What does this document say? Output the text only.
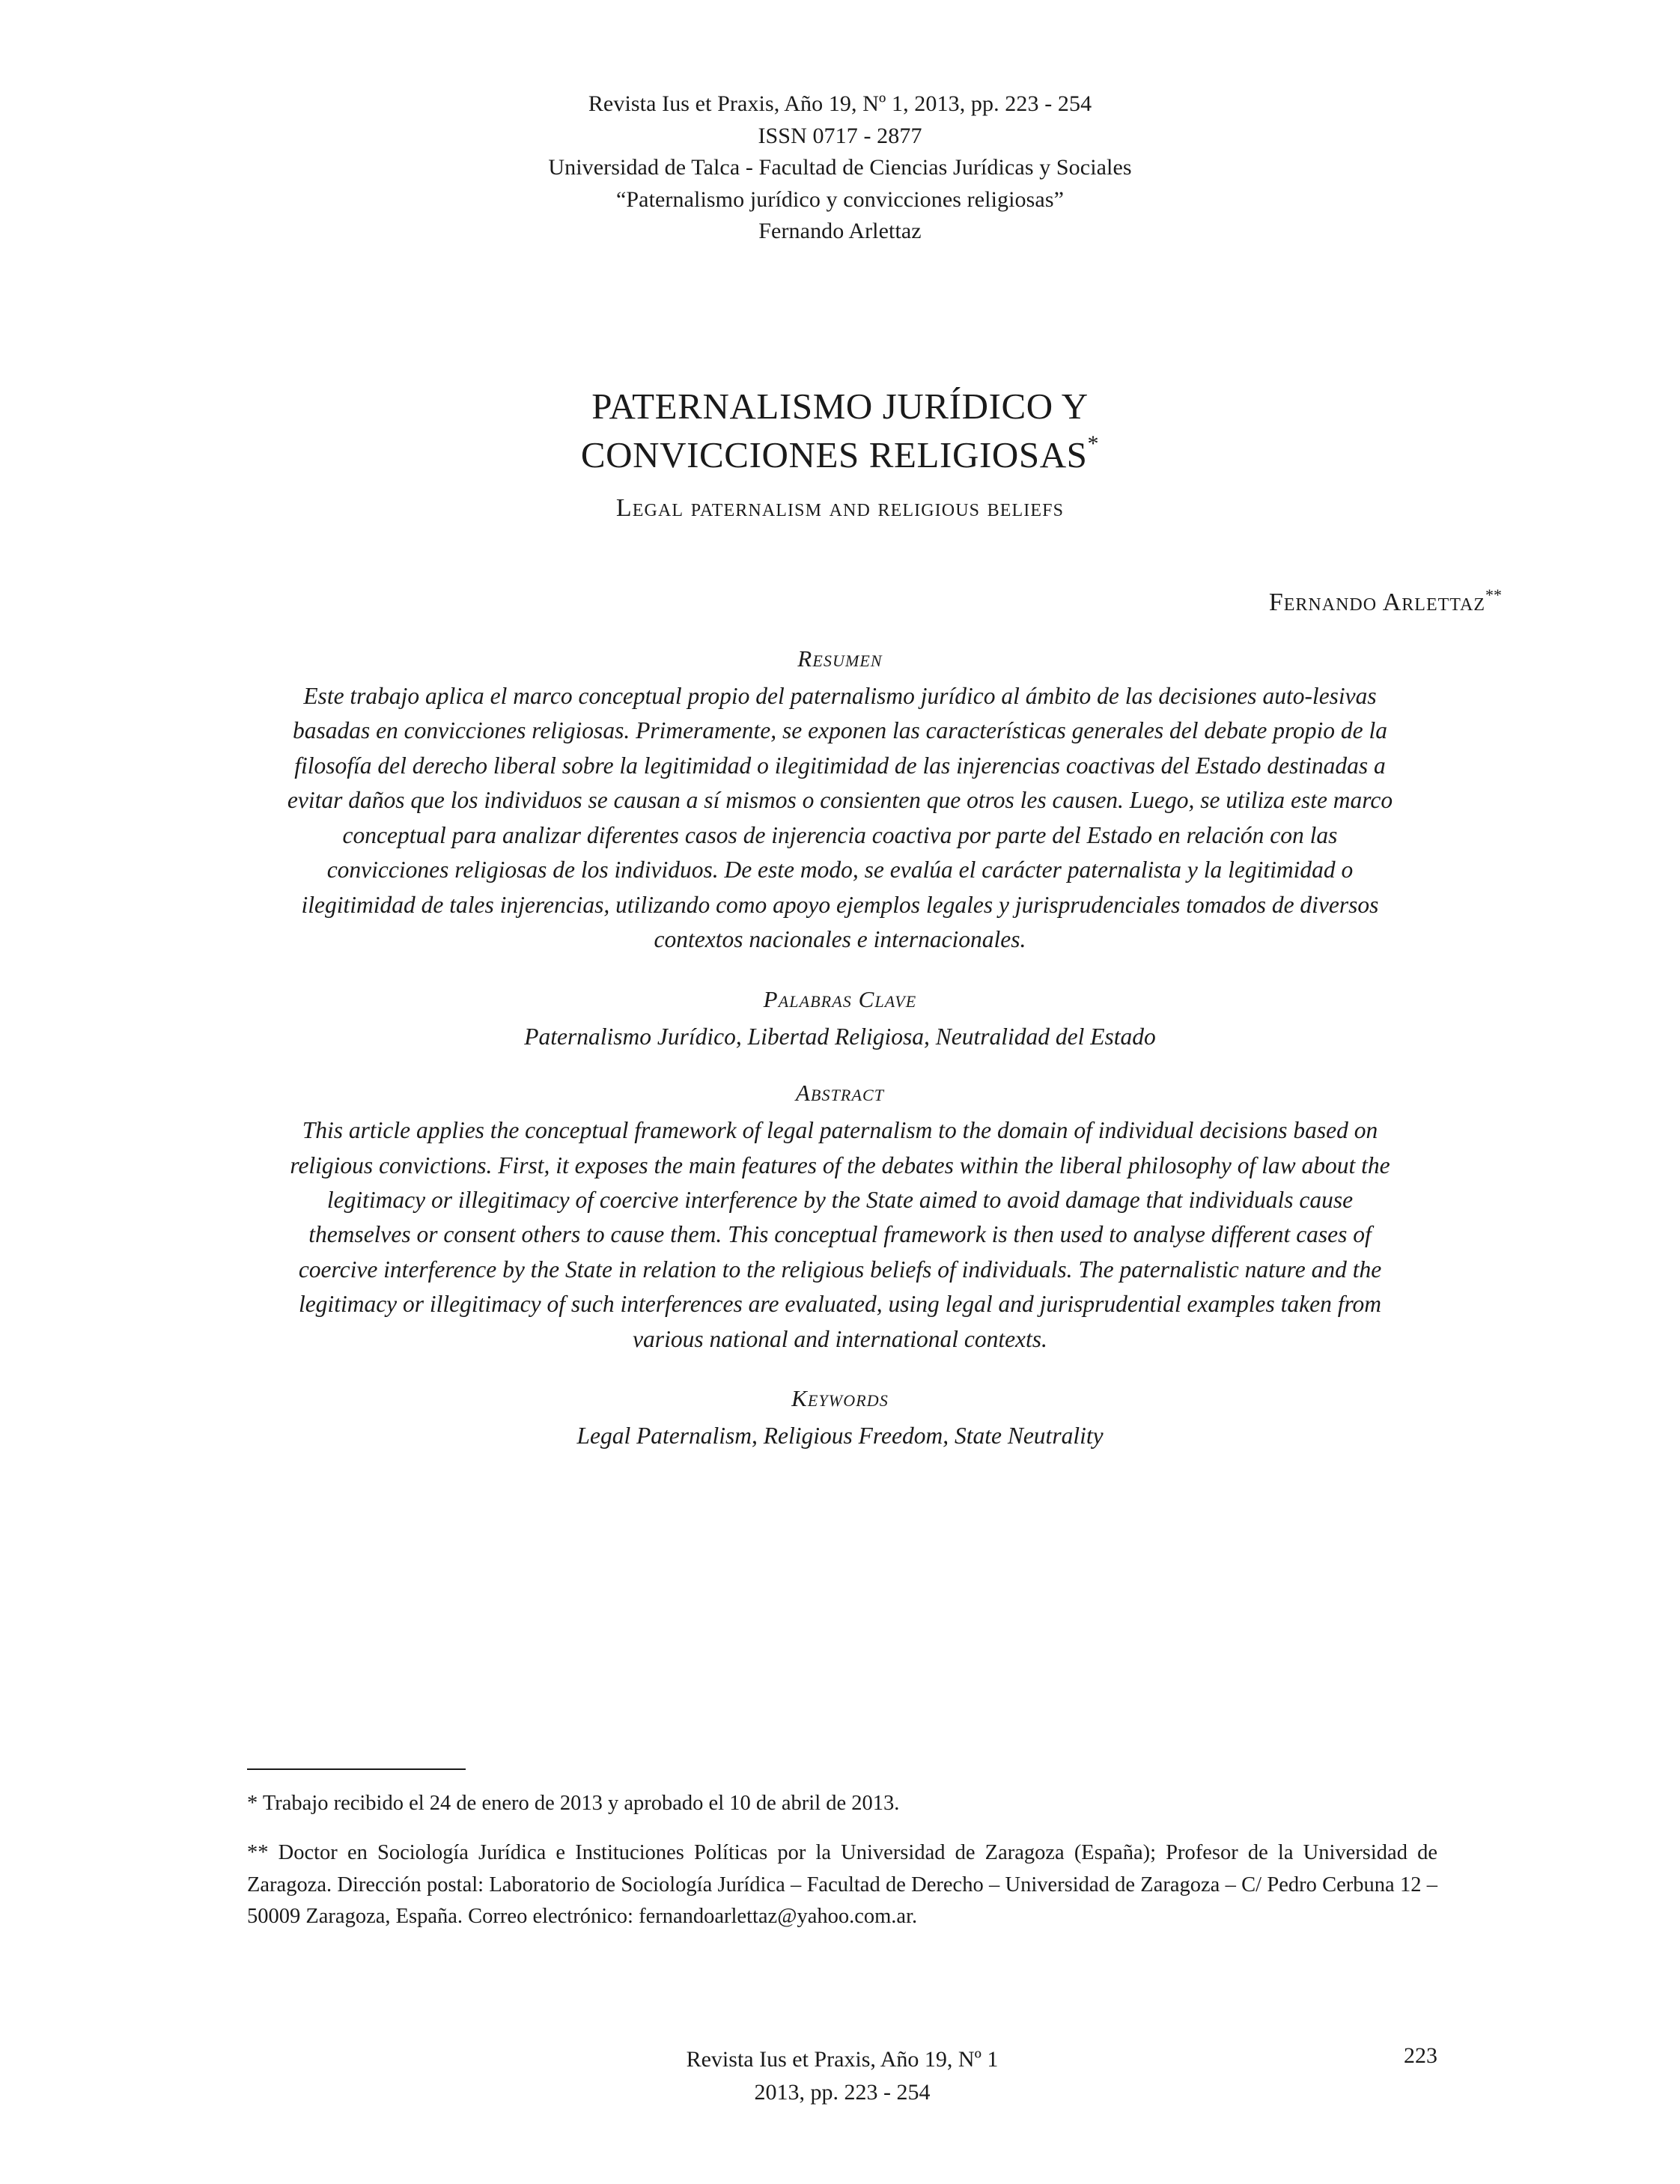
Revista Ius et Praxis, Año 19, Nº 1, 2013, pp. 223 - 254
ISSN 0717 - 2877
Universidad de Talca - Facultad de Ciencias Jurídicas y Sociales
“Paternalismo jurídico y convicciones religiosas”
Fernando Arlettaz
PATERNALISMO JURÍDICO Y
CONVICCIONES RELIGIOSAS*
Legal paternalism and religious beliefs
Fernando Arlettaz**
Resumen

Este trabajo aplica el marco conceptual propio del paternalismo jurídico al ámbito de las decisiones auto-lesivas basadas en convicciones religiosas. Primeramente, se exponen las características generales del debate propio de la filosofía del derecho liberal sobre la legitimidad o ilegitimidad de las injerencias coactivas del Estado destinadas a evitar daños que los individuos se causan a sí mismos o consienten que otros les causen. Luego, se utiliza este marco conceptual para analizar diferentes casos de injerencia coactiva por parte del Estado en relación con las convicciones religiosas de los individuos. De este modo, se evalúa el carácter paternalista y la legitimidad o ilegitimidad de tales injerencias, utilizando como apoyo ejemplos legales y jurisprudenciales tomados de diversos contextos nacionales e internacionales.

Palabras Clave

Paternalismo Jurídico, Libertad Religiosa, Neutralidad del Estado

Abstract

This article applies the conceptual framework of legal paternalism to the domain of individual decisions based on religious convictions. First, it exposes the main features of the debates within the liberal philosophy of law about the legitimacy or illegitimacy of coercive interference by the State aimed to avoid damage that individuals cause themselves or consent others to cause them. This conceptual framework is then used to analyse different cases of coercive interference by the State in relation to the religious beliefs of individuals. The paternalistic nature and the legitimacy or illegitimacy of such interferences are evaluated, using legal and jurisprudential examples taken from various national and international contexts.

Keywords

Legal Paternalism, Religious Freedom, State Neutrality

* Trabajo recibido el 24 de enero de 2013 y aprobado el 10 de abril de 2013.

** Doctor en Sociología Jurídica e Instituciones Políticas por la Universidad de Zaragoza (España); Profesor de la Universidad de Zaragoza. Dirección postal: Laboratorio de Sociología Jurídica – Facultad de Derecho – Universidad de Zaragoza – C/ Pedro Cerbuna 12 – 50009 Zaragoza, España. Correo electrónico: fernandoarlettaz@yahoo.com.ar.

Revista Ius et Praxis, Año 19, Nº 1
2013, pp. 223 - 254
223
